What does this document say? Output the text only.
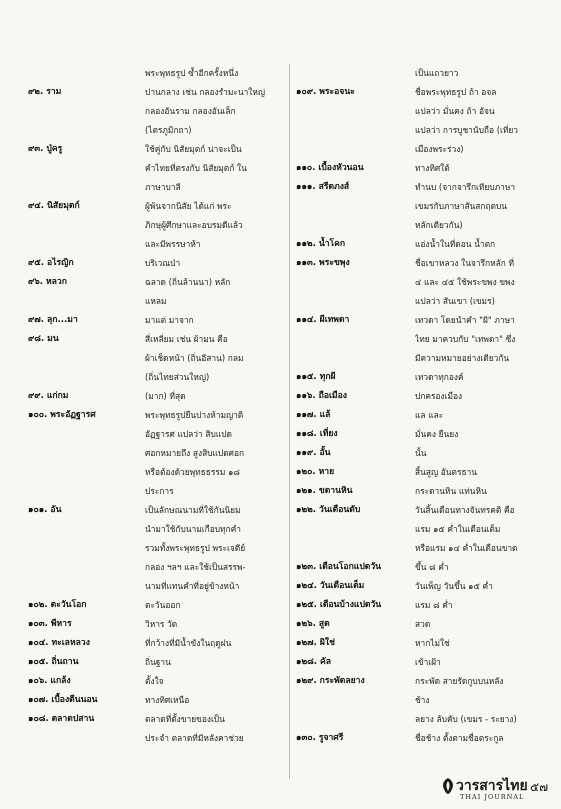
พระพุทธรูป ซ้ำอีกครั้งหนึ่ง
๙๒. ราม	ปานกลาง เช่น กลองรำมะนาใหญ่
กลองอันราม กลองอันเล็ก
(ไตรภูมิกถา)
๙๓. ปู่ครู	ใช้คู่กับ นิสัยมุตก์ น่าจะเป็น
คำไทยที่ตรงกับ นิสัยมุตก์ ใน
ภาษาบาลี
๙๔. นิสัยมุตก์	ผู้พ้นจากนิสัย ได้แก่ พระ
ภิกษุผู้ศึกษาและอบรมดีแล้ว
และมีพรรษาห้า
๙๕. อไรญิก	บริเวณป่า
๙๖. หลวก	ฉลาด (ถิ่นล้านนา) หลัก
แหลม
๙๗. ลุก...มา	มาแต่ มาจาก
๙๘. มน	สี่เหลี่ยม เช่น ผ้ามน คือ
ผ้าเช็ดหน้า (ถิ่นอีสาน) กลม
(ถิ่นไทยส่วนใหญ่)
๙๙. แก่กม	(มาก) ที่สุด
๑๐๐. พระอัฏฐารศ	พระพุทธรูปยืนปางห้ามญาติ
อัฏฐารศ แปลว่า สิบแปด
ศอกหมายถึง สูงสิบแปดศอก
หรือต้องด้วยพุทธธรรม ๑๘
ประการ
๑๐๑. อัน	เป็นลักษณนามที่ใช้กันนิยม
นำมาใช้กับนามเกือบทุกคำ
รวมทั้งพระพุทธรูป พระเจดีย์
กลอง ฯลฯ และใช้เป็นสรรพ-
นามที่แทนคำที่อยู่ข้างหน้า
๑๐๒. ตะวันโอก	ตะวันออก
๑๐๓. พีหาร	วิหาร วัด
๑๐๔. ทะเลหลวง	ที่กว้างที่มีน้ำขังในฤดูฝน
๑๐๕. ถิ่นถาน	ถิ่นฐาน
๑๐๖. แกล้ง	ตั้งใจ
๑๐๗. เบื้องตีนนอน	ทางทิศเหนือ
๑๐๘. ตลาดปสาน	ตลาดที่ตั้งขายของเป็น
ประจำ ตลาดที่มีหลังคาช่วย
เป็นแถวยาว
๑๐๙. พระอจนะ	ชื่อพระพุทธรูป ถ้า อจล
แปลว่า มั่นคง ถ้า อัจน
แปลว่า การบูชานับถือ (เที่ยว
เมืองพระร่วง)
๑๑๐. เบื้องหัวนอน	ทางทิศใต้
๑๑๑. สรีดภงส์	ทำนบ (จากจารึกเทียบภาษา
เขมรกับภาษาสันสกฤตบน
หลักเดียวกัน)
๑๑๒. น้ำโคก	แอ่งน้ำในที่ดอน น้ำตก
๑๑๓. พระขพุง	ชื่อเขาหลวง ในจารึกหลัก ที่
๔ และ ๔๕ ใช้พระขพง ขพง
แปลว่า สันเขา (เขมร)
๑๑๔. ผีเทพดา	เทวดา โดยนำคำ "ผี" ภาษา
ไทย มาควบกับ "เทพดา" ซึ่ง
มีความหมายอย่างเดียวกัน
๑๑๕. ทุกผี	เทวดาทุกองค์
๑๑๖. ถือเมือง	ปกครองเมือง
๑๑๗. แล้	แล และ
๑๑๘. เที่ยง	มั่นคง ยืนยง
๑๑๙. อั้น	นั้น
๑๒๐. หาย	สิ้นสูญ อันตรธาน
๑๒๑. ขดานหิน	กระดานหิน แท่นหิน
๑๒๒. วันเดือนดับ	วันสิ้นเดือนทางจันทรคติ คือ
แรม ๑๕ ค่ำในเดือนเต็ม
หรือแรม ๑๔ ค่ำในเดือนขาด
๑๒๓. เดือนโอกแปดวัน	ขึ้น ๘ ค่ำ
๑๒๔. วันเดือนเต็ม	วันเพ็ญ วันขึ้น ๑๕ ค่ำ
๑๒๕. เดือนบ้างแปดวัน	แรม ๘ ค่ำ
๑๒๖. สูต	สวด
๑๒๗. ผิใช่	หากไม่ใช่
๑๒๘. คัล	เข้าเฝ้า
๑๒๙. กระพัดลยาง	กระพัด สายรัดกูบบนหลัง
ช้าง
ลยาง ลับคับ (เขมร - ระยาง)
๑๓๐. รูจาศรี	ชื่อช้าง ตั้งตามชื่อตระกูล
วารสารไทย
THAI JOURNAL
๕๗
